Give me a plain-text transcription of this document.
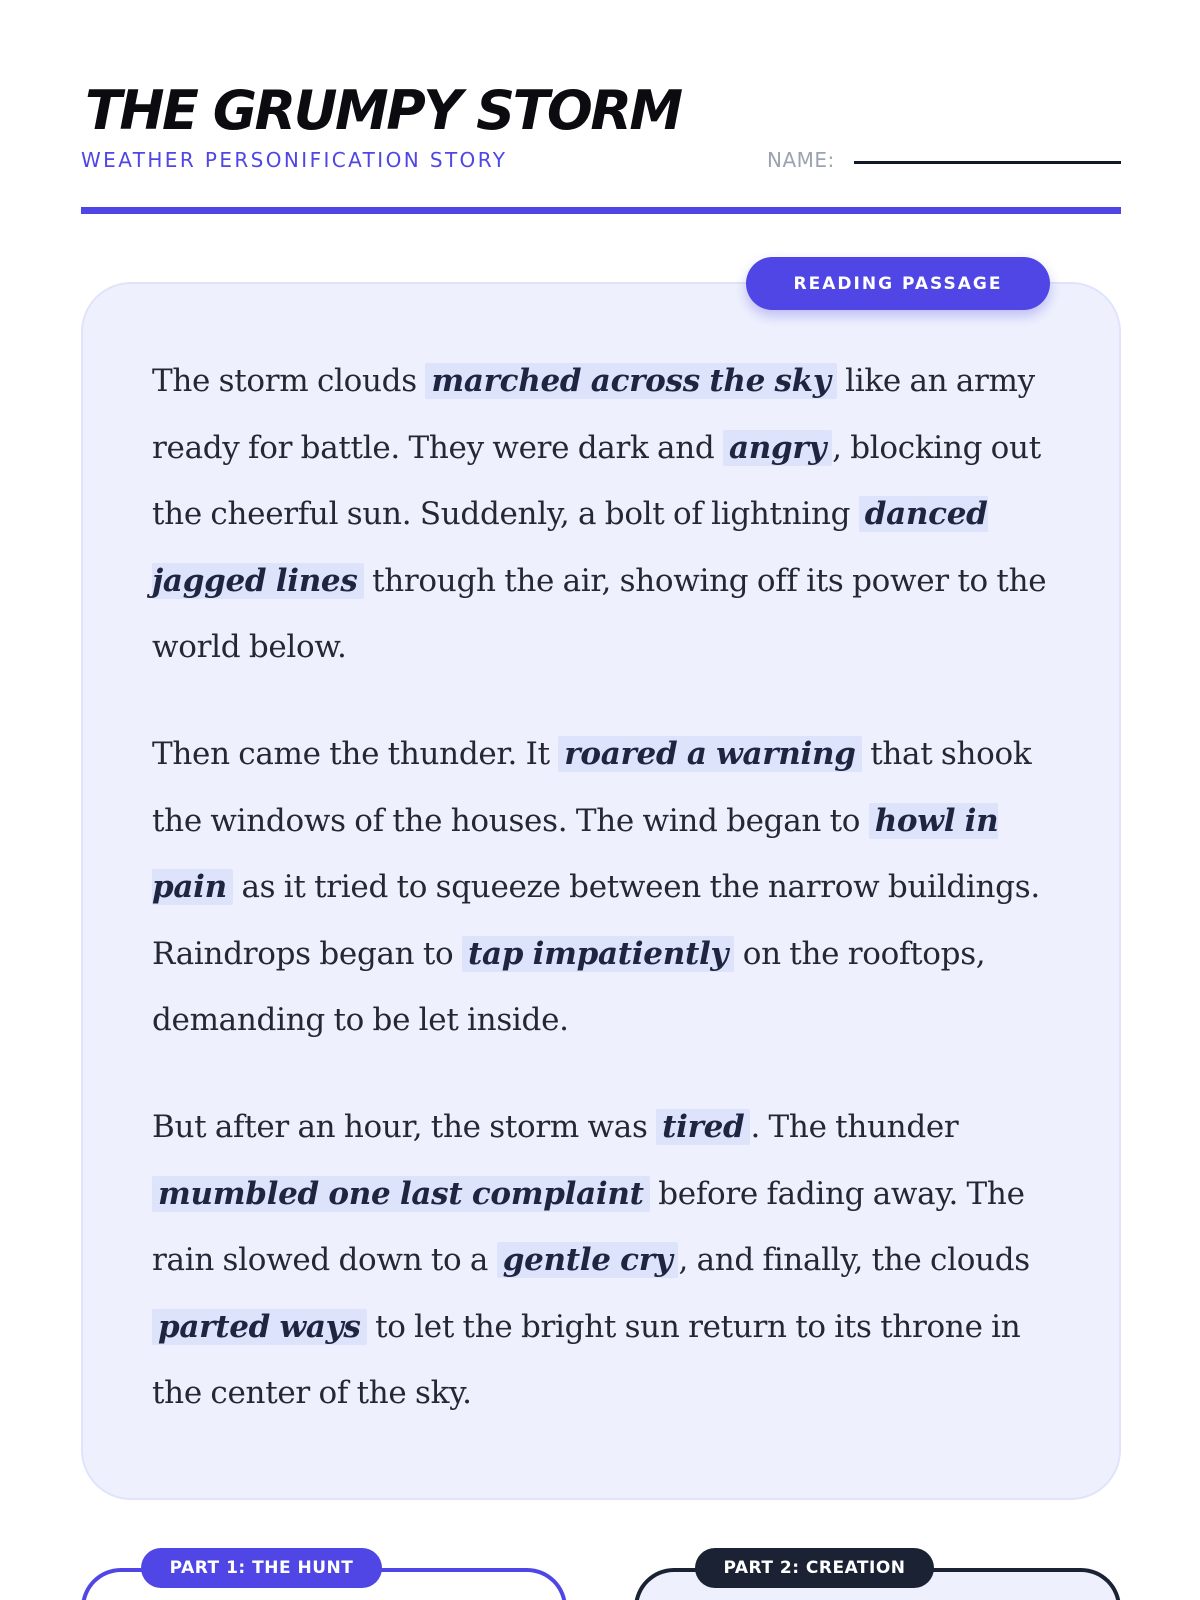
THE GRUMPY STORM
WEATHER PERSONIFICATION STORY	NAME:

The storm clouds marched across the sky like an army ready for battle. They were dark and angry , blocking out the cheerful sun. Suddenly, a bolt of lightning danced jagged lines through the air, showing off its power to the world below.

Then came the thunder. It roared a warning that shook the windows of the houses. The wind began to howl in pain as it tried to squeeze between the narrow buildings. Raindrops began to tap impatiently on the rooftops, demanding to be let inside.

But after an hour, the storm was tired . The thunder mumbled one last complaint before fading away. The rain slowed down to a gentle cry , and finally, the clouds parted ways to let the bright sun return to its throne in the center of the sky.

READING PASSAGE
PART 1: THE HUNT	PART 2: CREATION
